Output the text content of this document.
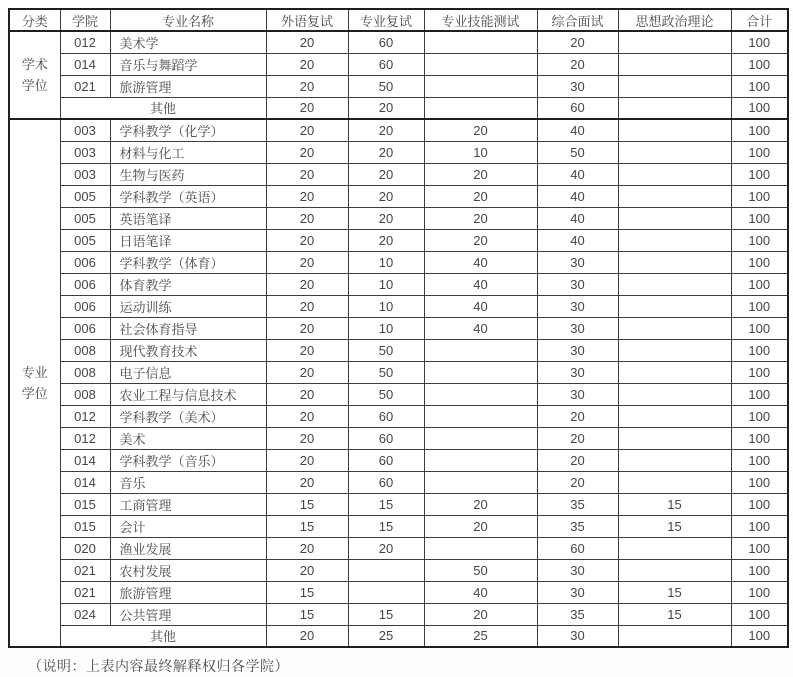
分类	学院	专业名称	外语复试	专业复试	专业技能测试	综合面试	思想政治理论	合计

学术
学位	012	美术学	20	60		20		100
	014	音乐与舞蹈学	20	60		20		100
	021	旅游管理	20	50		30		100
	其他		20	20		60		100

专业
学位	003	学科教学（化学）	20	20	20	40		100
	003	材料与化工	20	20	10	50		100
	003	生物与医药	20	20	20	40		100
	005	学科教学（英语）	20	20	20	40		100
	005	英语笔译	20	20	20	40		100
	005	日语笔译	20	20	20	40		100
	006	学科教学（体育）	20	10	40	30		100
	006	体育教学	20	10	40	30		100
	006	运动训练	20	10	40	30		100
	006	社会体育指导	20	10	40	30		100
	008	现代教育技术	20	50		30		100
	008	电子信息	20	50		30		100
	008	农业工程与信息技术	20	50		30		100
	012	学科教学（美术）	20	60		20		100
	012	美术	20	60		20		100
	014	学科教学（音乐）	20	60		20		100
	014	音乐	20	60		20		100
	015	工商管理	15	15	20	35	15	100
	015	会计	15	15	20	35	15	100
	020	渔业发展	20	20		60		100
	021	农村发展	20		50	30		100
	021	旅游管理	15		40	30	15	100
	024	公共管理	15	15	20	35	15	100
	其他		20	25	25	30		100
（说明：上表内容最终解释权归各学院）
